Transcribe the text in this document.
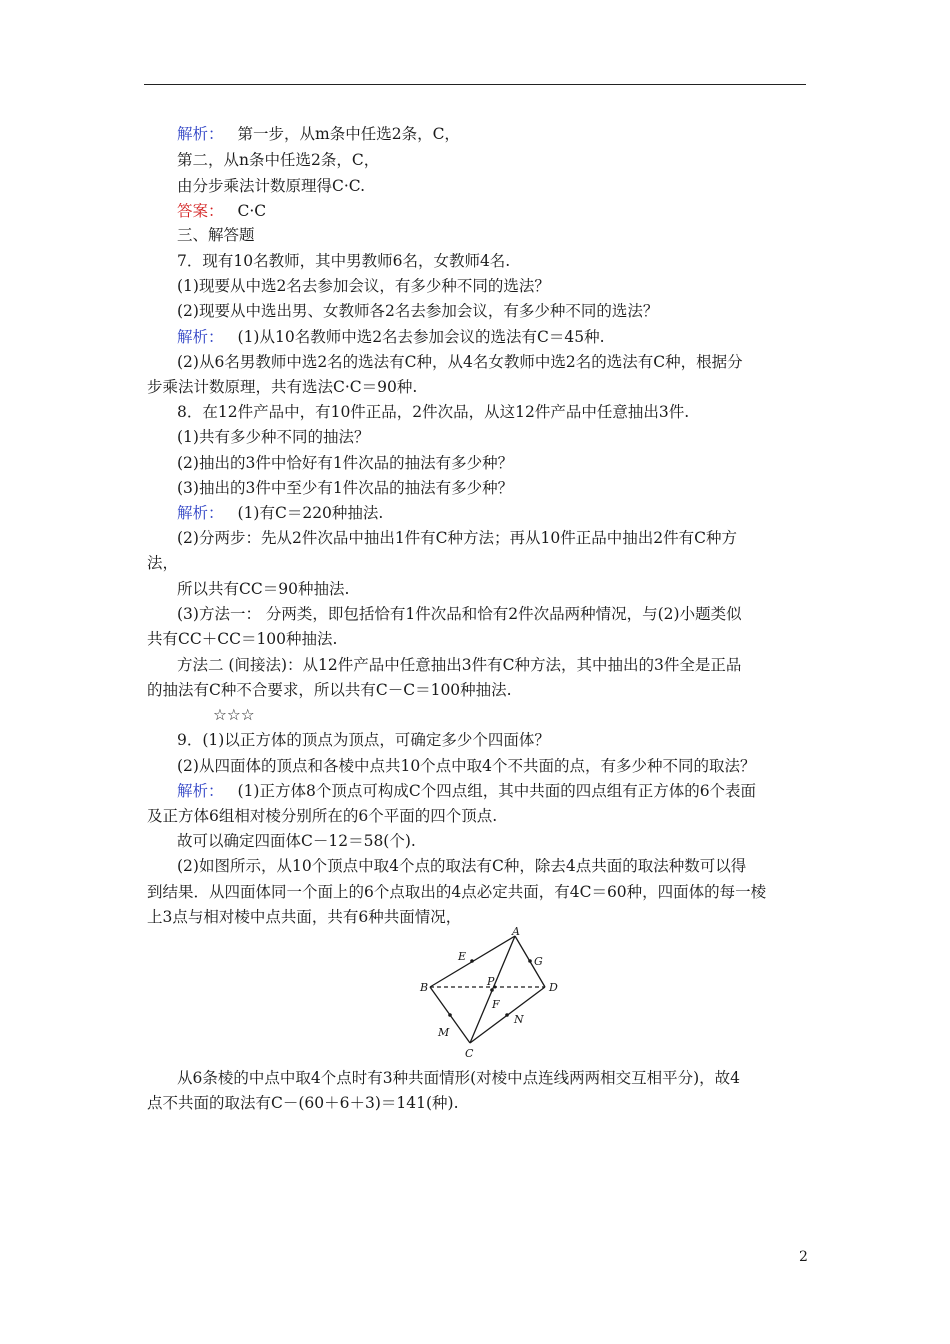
解析： 第一步，从m条中任选2条，C，
第二，从n条中任选2条，C，
由分步乘法计数原理得C·C.
答案： C·C
三、解答题
7．现有10名教师，其中男教师6名，女教师4名.
(1)现要从中选2名去参加会议，有多少种不同的选法？
(2)现要从中选出男、女教师各2名去参加会议，有多少种不同的选法？
解析： (1)从10名教师中选2名去参加会议的选法有C＝45种.
(2)从6名男教师中选2名的选法有C种，从4名女教师中选2名的选法有C种，根据分
步乘法计数原理，共有选法C·C＝90种.
8．在12件产品中，有10件正品，2件次品，从这12件产品中任意抽出3件.
(1)共有多少种不同的抽法？
(2)抽出的3件中恰好有1件次品的抽法有多少种？
(3)抽出的3件中至少有1件次品的抽法有多少种？
解析： (1)有C＝220种抽法.
(2)分两步：先从2件次品中抽出1件有C种方法；再从10件正品中抽出2件有C种方
法，
所以共有CC＝90种抽法.
(3)方法一： 分两类，即包括恰有1件次品和恰有2件次品两种情况，与(2)小题类似
共有CC＋CC＝100种抽法.
方法二 (间接法)：从12件产品中任意抽出3件有C种方法，其中抽出的3件全是正品
的抽法有C种不合要求，所以共有C－C＝100种抽法.
☆☆☆
9．(1)以正方体的顶点为顶点，可确定多少个四面体？
(2)从四面体的顶点和各棱中点共10个点中取4个不共面的点，有多少种不同的取法？
解析： (1)正方体8个顶点可构成C个四点组，其中共面的四点组有正方体的6个表面
及正方体6组相对棱分别所在的6个平面的四个顶点.
故可以确定四面体C－12＝58(个).
(2)如图所示，从10个顶点中取4个点的取法有C种，除去4点共面的取法种数可以得
到结果．从四面体同一个面上的6个点取出的4点必定共面，有4C＝60种，四面体的每一棱
上3点与相对棱中点共面，共有6种共面情况，
A
B
C
D
E
F
G
M
N
P
从6条棱的中点中取4个点时有3种共面情形(对棱中点连线两两相交互相平分)，故4
点不共面的取法有C－(60＋6＋3)＝141(种).
2
